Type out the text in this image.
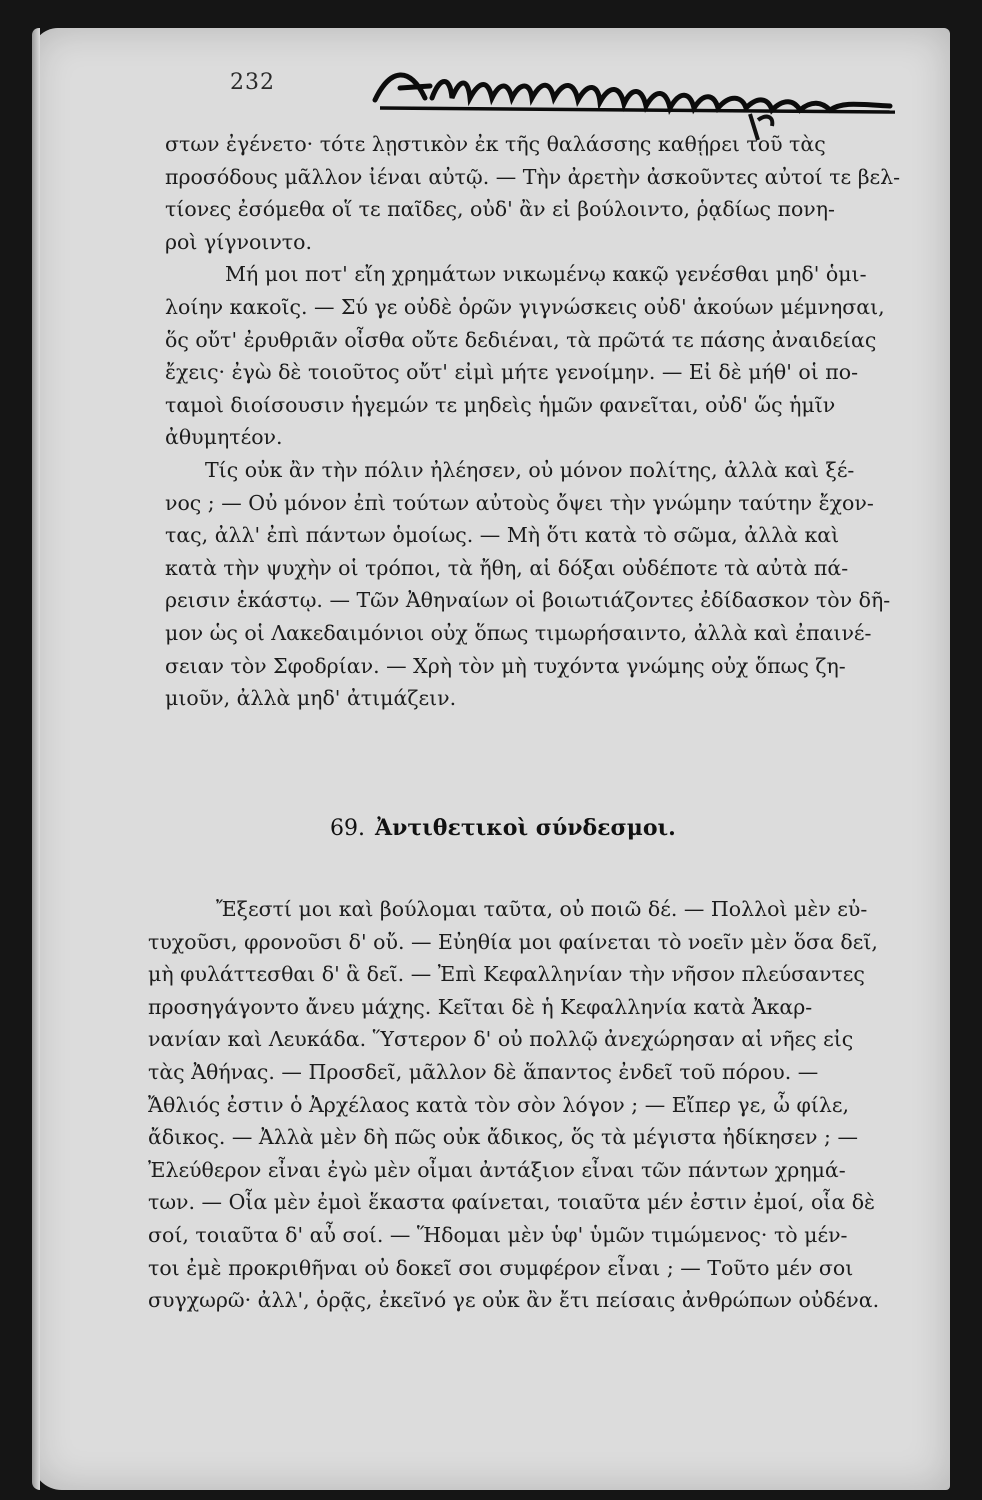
232
στων ἐγένετο· τότε λῃστικὸν ἐκ τῆς θαλάσσης καθῄρει τοῦ τὰς
προσόδους μᾶλλον ἰέναι αὐτῷ. — Τὴν ἀρετὴν ἀσκοῦντες αὐτοί τε βελ-
τίονες ἐσόμεθα οἵ τε παῖδες, οὐδ' ἂν εἰ βούλοιντο, ῥᾳδίως πονη-
ροὶ γίγνοιντο.
Μή μοι ποτ' εἴη χρημάτων νικωμένῳ κακῷ γενέσθαι μηδ' ὁμι-
λοίην κακοῖς. — Σύ γε οὐδὲ ὁρῶν γιγνώσκεις οὐδ' ἀκούων μέμνησαι,
ὅς οὔτ' ἐρυθριᾶν οἶσθα οὔτε δεδιέναι, τὰ πρῶτά τε πάσης ἀναιδείας
ἔχεις· ἐγὼ δὲ τοιοῦτος οὔτ' εἰμὶ μήτε γενοίμην. — Εἰ δὲ μήθ' οἱ πο-
ταμοὶ διοίσουσιν ἡγεμών τε μηδεὶς ἡμῶν φανεῖται, οὐδ' ὥς ἡμῖν
ἀθυμητέον.
Τίς οὐκ ἂν τὴν πόλιν ἠλέησεν, οὐ μόνον πολίτης, ἀλλὰ καὶ ξέ-
νος ; — Οὐ μόνον ἐπὶ τούτων αὐτοὺς ὄψει τὴν γνώμην ταύτην ἔχον-
τας, ἀλλ' ἐπὶ πάντων ὁμοίως. — Μὴ ὅτι κατὰ τὸ σῶμα, ἀλλὰ καὶ
κατὰ τὴν ψυχὴν οἱ τρόποι, τὰ ἤθη, αἱ δόξαι οὐδέποτε τὰ αὐτὰ πά-
ρεισιν ἑκάστῳ. — Τῶν Ἀθηναίων οἱ βοιωτιάζοντες ἐδίδασκον τὸν δῆ-
μον ὡς οἱ Λακεδαιμόνιοι οὐχ ὅπως τιμωρήσαιντο, ἀλλὰ καὶ ἐπαινέ-
σειαν τὸν Σφοδρίαν. — Χρὴ τὸν μὴ τυχόντα γνώμης οὐχ ὅπως ζη-
μιοῦν, ἀλλὰ μηδ' ἀτιμάζειν.
69. Ἀντιθετικοὶ σύνδεσμοι.
Ἔξεστί μοι καὶ βούλομαι ταῦτα, οὐ ποιῶ δέ. — Πολλοὶ μὲν εὐ-
τυχοῦσι, φρονοῦσι δ' οὔ. — Εὐηθία μοι φαίνεται τὸ νοεῖν μὲν ὅσα δεῖ,
μὴ φυλάττεσθαι δ' ἃ δεῖ. — Ἐπὶ Κεφαλληνίαν τὴν νῆσον πλεύσαντες
προσηγάγοντο ἄνευ μάχης. Κεῖται δὲ ἡ Κεφαλληνία κατὰ Ἀκαρ-
νανίαν καὶ Λευκάδα. Ὕστερον δ' οὐ πολλῷ ἀνεχώρησαν αἱ νῆες εἰς
τὰς Ἀθήνας. — Προσδεῖ, μᾶλλον δὲ ἅπαντος ἐνδεῖ τοῦ πόρου. —
Ἄθλιός ἐστιν ὁ Ἀρχέλαος κατὰ τὸν σὸν λόγον ; — Εἴπερ γε, ὦ φίλε,
ἄδικος. — Ἀλλὰ μὲν δὴ πῶς οὐκ ἄδικος, ὅς τὰ μέγιστα ἠδίκησεν ; —
Ἐλεύθερον εἶναι ἐγὼ μὲν οἶμαι ἀντάξιον εἶναι τῶν πάντων χρημά-
των. — Οἷα μὲν ἐμοὶ ἕκαστα φαίνεται, τοιαῦτα μέν ἐστιν ἐμοί, οἷα δὲ
σοί, τοιαῦτα δ' αὖ σοί. — Ἥδομαι μὲν ὑφ' ὑμῶν τιμώμενος· τὸ μέν-
τοι ἐμὲ προκριθῆναι οὐ δοκεῖ σοι συμφέρον εἶναι ; — Τοῦτο μέν σοι
συγχωρῶ· ἀλλ', ὁρᾷς, ἐκεῖνό γε οὐκ ἂν ἔτι πείσαις ἀνθρώπων οὐδένα.
